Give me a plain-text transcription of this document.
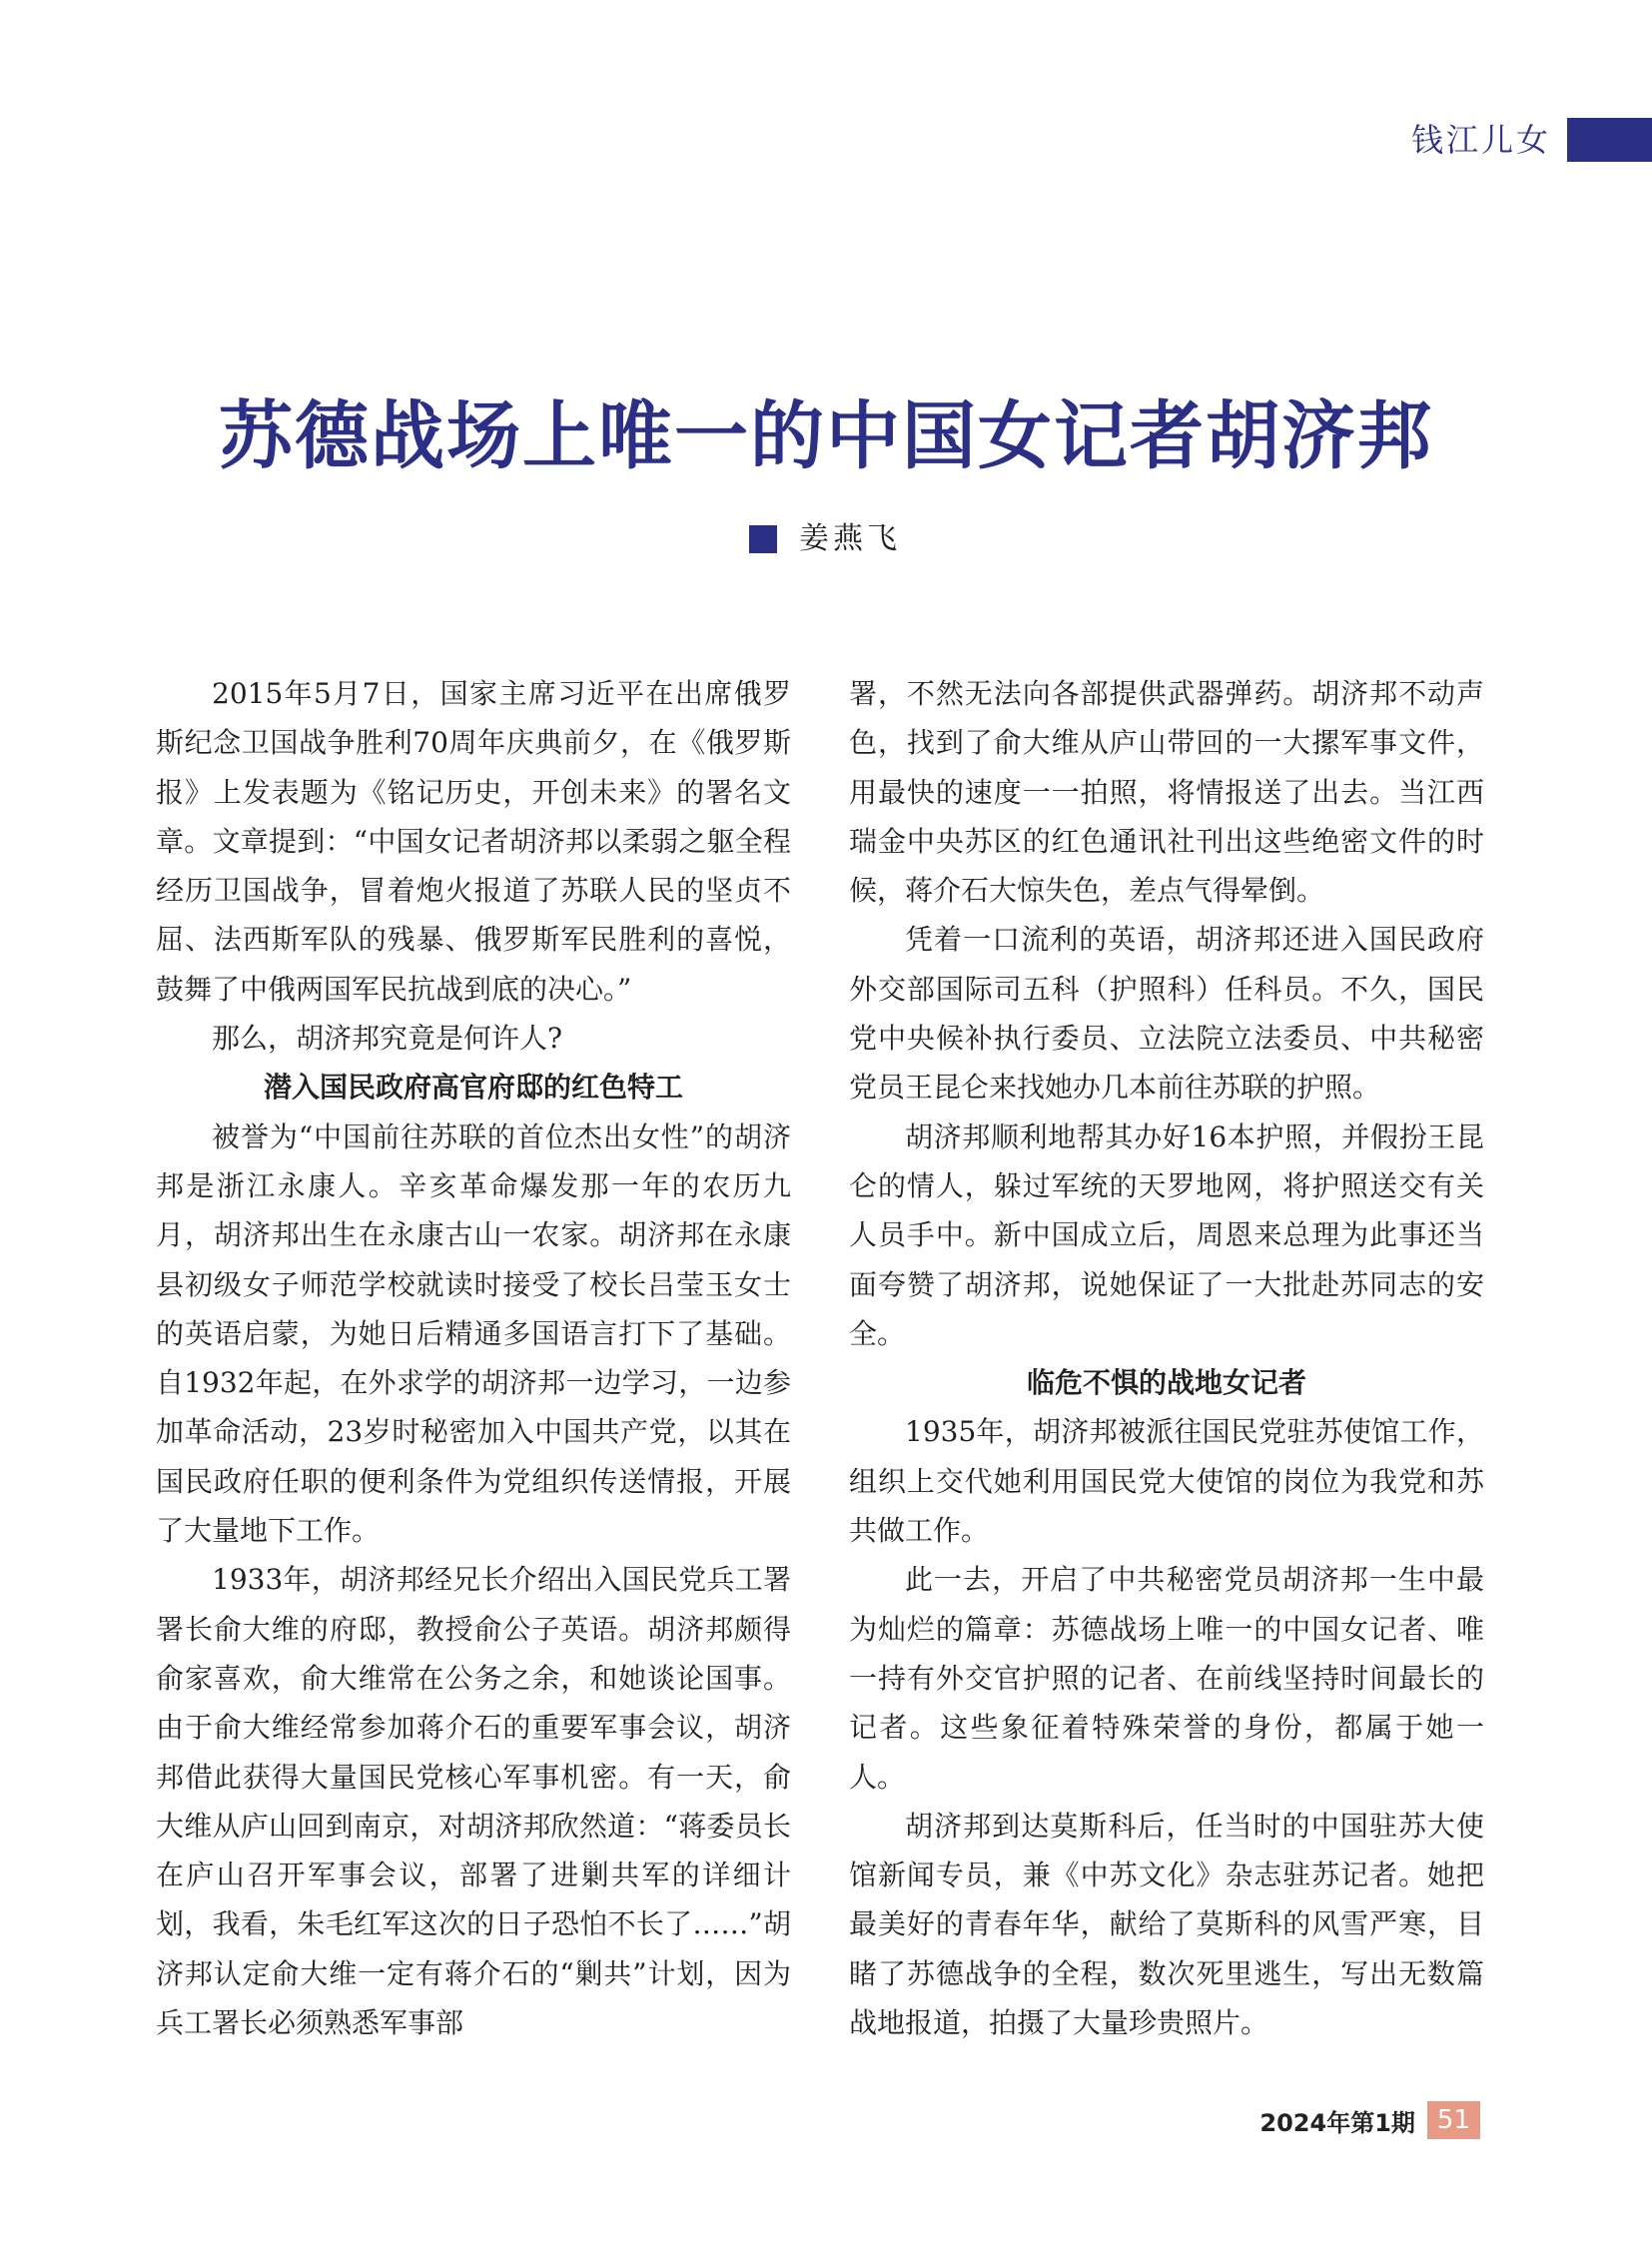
钱江儿女
苏德战场上唯一的中国女记者胡济邦
姜燕飞

2015年5月7日，国家主席习近平在出席俄罗斯纪念卫国战争胜利70周年庆典前夕，在《俄罗斯报》上发表题为《铭记历史，开创未来》的署名文章。文章提到：“中国女记者胡济邦以柔弱之躯全程经历卫国战争，冒着炮火报道了苏联人民的坚贞不屈、法西斯军队的残暴、俄罗斯军民胜利的喜悦，鼓舞了中俄两国军民抗战到底的决心。”

那么，胡济邦究竟是何许人?

潜入国民政府高官府邸的红色特工

被誉为“中国前往苏联的首位杰出女性”的胡济邦是浙江永康人。辛亥革命爆发那一年的农历九月，胡济邦出生在永康古山一农家。胡济邦在永康县初级女子师范学校就读时接受了校长吕莹玉女士的英语启蒙，为她日后精通多国语言打下了基础。自1932年起，在外求学的胡济邦一边学习，一边参加革命活动，23岁时秘密加入中国共产党，以其在国民政府任职的便利条件为党组织传送情报，开展了大量地下工作。

1933年，胡济邦经兄长介绍出入国民党兵工署署长俞大维的府邸，教授俞公子英语。胡济邦颇得俞家喜欢，俞大维常在公务之余，和她谈论国事。由于俞大维经常参加蒋介石的重要军事会议，胡济邦借此获得大量国民党核心军事机密。有一天，俞大维从庐山回到南京，对胡济邦欣然道：“蒋委员长在庐山召开军事会议，部署了进剿共军的详细计划，我看，朱毛红军这次的日子恐怕不长了……”胡济邦认定俞大维一定有蒋介石的“剿共”计划，因为兵工署长必须熟悉军事部

署，不然无法向各部提供武器弹药。胡济邦不动声色，找到了俞大维从庐山带回的一大摞军事文件，用最快的速度一一拍照，将情报送了出去。当江西瑞金中央苏区的红色通讯社刊出这些绝密文件的时候，蒋介石大惊失色，差点气得晕倒。

凭着一口流利的英语，胡济邦还进入国民政府外交部国际司五科（护照科）任科员。不久，国民党中央候补执行委员、立法院立法委员、中共秘密党员王昆仑来找她办几本前往苏联的护照。

胡济邦顺利地帮其办好16本护照，并假扮王昆仑的情人，躲过军统的天罗地网，将护照送交有关人员手中。新中国成立后，周恩来总理为此事还当面夸赞了胡济邦，说她保证了一大批赴苏同志的安全。

临危不惧的战地女记者

1935年，胡济邦被派往国民党驻苏使馆工作，组织上交代她利用国民党大使馆的岗位为我党和苏共做工作。

此一去，开启了中共秘密党员胡济邦一生中最为灿烂的篇章：苏德战场上唯一的中国女记者、唯一持有外交官护照的记者、在前线坚持时间最长的记者。这些象征着特殊荣誉的身份，都属于她一人。

胡济邦到达莫斯科后，任当时的中国驻苏大使馆新闻专员，兼《中苏文化》杂志驻苏记者。她把最美好的青春年华，献给了莫斯科的风雪严寒，目睹了苏德战争的全程，数次死里逃生，写出无数篇战地报道，拍摄了大量珍贵照片。

2024年第1期 51
